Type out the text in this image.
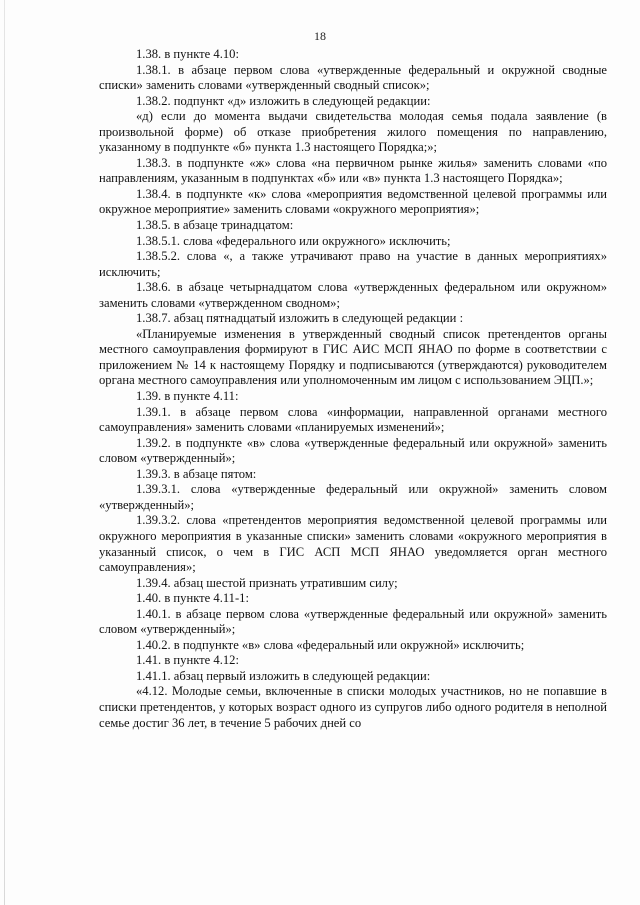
18

1.38. в пункте 4.10:

1.38.1. в абзаце первом слова «утвержденные федеральный и окружной сводные списки» заменить словами «утвержденный сводный список»;

1.38.2. подпункт «д» изложить в следующей редакции:

«д) если до момента выдачи свидетельства молодая семья подала заявление (в произвольной форме) об отказе приобретения жилого помещения по направлению, указанному в подпункте «б» пункта 1.3 настоящего Порядка;»;

1.38.3. в подпункте «ж» слова «на первичном рынке жилья» заменить словами «по направлениям, указанным в подпунктах «б» или «в» пункта 1.3 настоящего Порядка»;

1.38.4. в подпункте «к» слова «мероприятия ведомственной целевой программы или окружное мероприятие» заменить словами «окружного мероприятия»;

1.38.5. в абзаце тринадцатом:

1.38.5.1. слова «федерального или окружного» исключить;

1.38.5.2. слова «, а также утрачивают право на участие в данных мероприятиях» исключить;

1.38.6. в абзаце четырнадцатом слова «утвержденных федеральном или окружном» заменить словами «утвержденном сводном»;

1.38.7. абзац пятнадцатый изложить в следующей редакции :

«Планируемые изменения в утвержденный сводный список претендентов органы местного самоуправления формируют в ГИС АИС МСП ЯНАО по форме в соответствии с приложением № 14 к настоящему Порядку и подписываются (утверждаются) руководителем органа местного самоуправления или уполномоченным им лицом с использованием ЭЦП.»;

1.39. в пункте 4.11:

1.39.1. в абзаце первом слова «информации, направленной органами местного самоуправления» заменить словами «планируемых изменений»;

1.39.2. в подпункте «в» слова «утвержденные федеральный или окружной» заменить словом «утвержденный»;

1.39.3. в абзаце пятом:

1.39.3.1. слова «утвержденные федеральный или окружной» заменить словом «утвержденный»;

1.39.3.2. слова «претендентов мероприятия ведомственной целевой программы или окружного мероприятия в указанные списки» заменить словами «окружного мероприятия в указанный список, о чем в ГИС АСП МСП ЯНАО уведомляется орган местного самоуправления»;

1.39.4. абзац шестой признать утратившим силу;

1.40. в пункте 4.11-1:

1.40.1. в абзаце первом слова «утвержденные федеральный или окружной» заменить словом «утвержденный»;

1.40.2. в подпункте «в» слова «федеральный или окружной» исключить;

1.41. в пункте 4.12:

1.41.1. абзац первый изложить в следующей редакции:

«4.12. Молодые семьи, включенные в списки молодых участников, но не попавшие в списки претендентов, у которых возраст одного из супругов либо одного родителя в неполной семье достиг 36 лет, в течение 5 рабочих дней со
